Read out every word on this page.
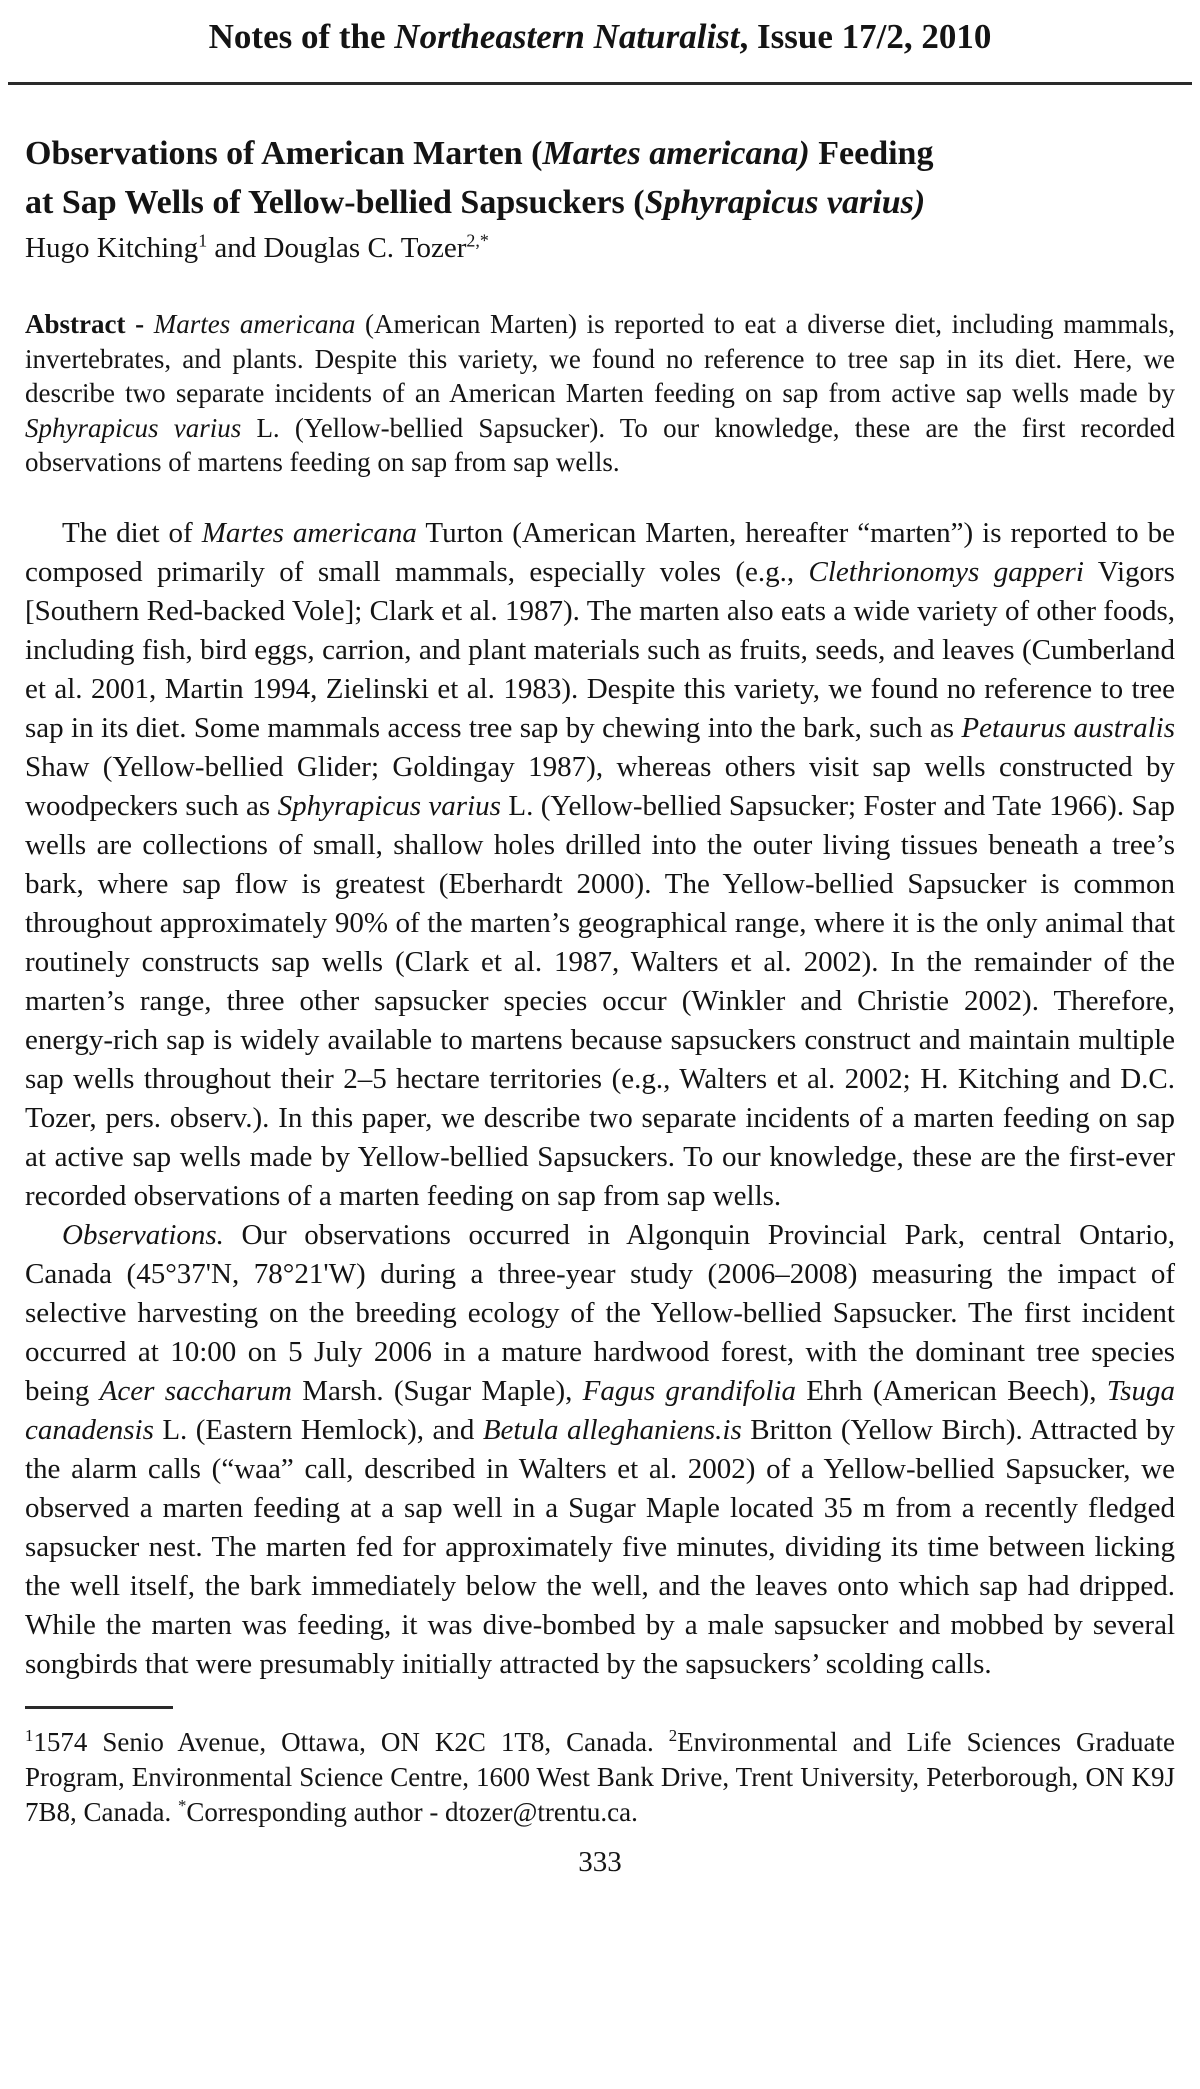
Notes of the Northeastern Naturalist, Issue 17/2, 2010
Observations of American Marten (Martes americana) Feeding
at Sap Wells of Yellow-bellied Sapsuckers (Sphyrapicus varius)
Hugo Kitching$^1$ and Douglas C. Tozer$^{2,*}$
Abstract - Martes americana (American Marten) is reported to eat a diverse diet, including mammals, invertebrates, and plants. Despite this variety, we found no reference to tree sap in its diet. Here, we describe two separate incidents of an American Marten feeding on sap from active sap wells made by Sphyrapicus varius L. (Yellow-bellied Sapsucker). To our knowledge, these are the first recorded observations of martens feeding on sap from sap wells.

The diet of Martes americana Turton (American Marten, hereafter “marten”) is reported to be composed primarily of small mammals, especially voles (e.g., Clethrionomys gapperi Vigors [Southern Red-backed Vole]; Clark et al. 1987). The marten also eats a wide variety of other foods, including fish, bird eggs, carrion, and plant materials such as fruits, seeds, and leaves (Cumberland et al. 2001, Martin 1994, Zielinski et al. 1983). Despite this variety, we found no reference to tree sap in its diet. Some mammals access tree sap by chewing into the bark, such as Petaurus australis Shaw (Yellow-bellied Glider; Goldingay 1987), whereas others visit sap wells constructed by woodpeckers such as Sphyrapicus varius L. (Yellow-bellied Sapsucker; Foster and Tate 1966). Sap wells are collections of small, shallow holes drilled into the outer living tissues beneath a tree’s bark, where sap flow is greatest (Eberhardt 2000). The Yellow-bellied Sapsucker is common throughout approximately 90% of the marten’s geographical range, where it is the only animal that routinely constructs sap wells (Clark et al. 1987, Walters et al. 2002). In the remainder of the marten’s range, three other sapsucker species occur (Winkler and Christie 2002). Therefore, energy-rich sap is widely available to martens because sapsuckers construct and maintain multiple sap wells throughout their 2–5 hectare territories (e.g., Walters et al. 2002; H. Kitching and D.C. Tozer, pers. observ.). In this paper, we describe two separate incidents of a marten feeding on sap at active sap wells made by Yellow-bellied Sapsuckers. To our knowledge, these are the first-ever recorded observations of a marten feeding on sap from sap wells.

Observations. Our observations occurred in Algonquin Provincial Park, central Ontario, Canada (45°37'N, 78°21'W) during a three-year study (2006–2008) measuring the impact of selective harvesting on the breeding ecology of the Yellow-bellied Sapsucker. The first incident occurred at 10:00 on 5 July 2006 in a mature hardwood forest, with the dominant tree species being Acer saccharum Marsh. (Sugar Maple), Fagus grandifolia Ehrh (American Beech), Tsuga canadensis L. (Eastern Hemlock), and Betula alleghaniens.is Britton (Yellow Birch). Attracted by the alarm calls (“waa” call, described in Walters et al. 2002) of a Yellow-bellied Sapsucker, we observed a marten feeding at a sap well in a Sugar Maple located 35 m from a recently fledged sapsucker nest. The marten fed for approximately five minutes, dividing its time between licking the well itself, the bark immediately below the well, and the leaves onto which sap had dripped. While the marten was feeding, it was dive-bombed by a male sapsucker and mobbed by several songbirds that were presumably initially attracted by the sapsuckers’ scolding calls.

$^1$1574 Senio Avenue, Ottawa, ON K2C 1T8, Canada. $^2$Environmental and Life Sciences Graduate Program, Environmental Science Centre, 1600 West Bank Drive, Trent University, Peterborough, ON K9J 7B8, Canada. *Corresponding author - dtozer@trentu.ca.
333
